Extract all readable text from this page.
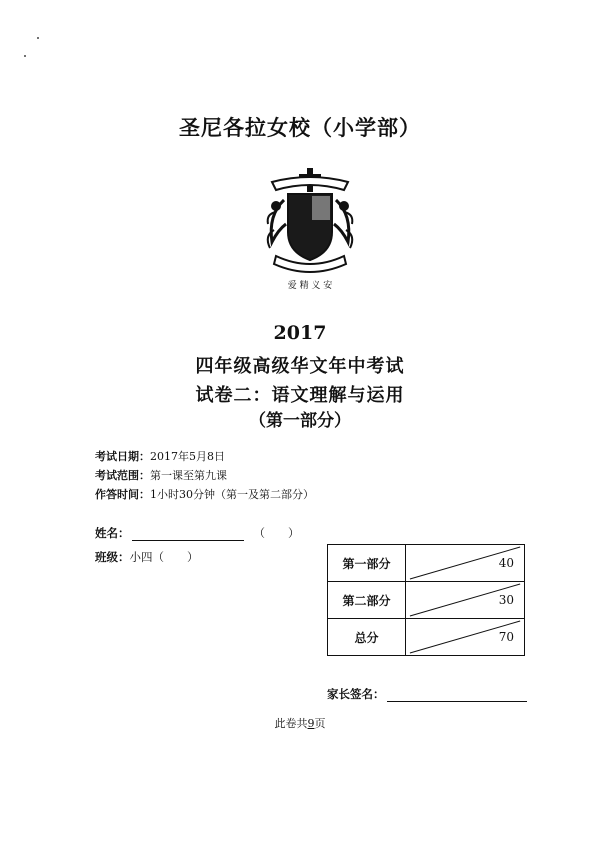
圣尼各拉女校（小学部）
爱 精 义 安
2017
四年级高级华文年中考试
试卷二：语文理解与运用
（第一部分）
考试日期：2017年5月8日
考试范围：第一课至第九课
作答时间：1小时30分钟（第一及第二部分）
姓名：	（　　）
班级：小四（　　）	第一部分	40

第二部分	30

总分	70
家长签名：
此卷共9页
